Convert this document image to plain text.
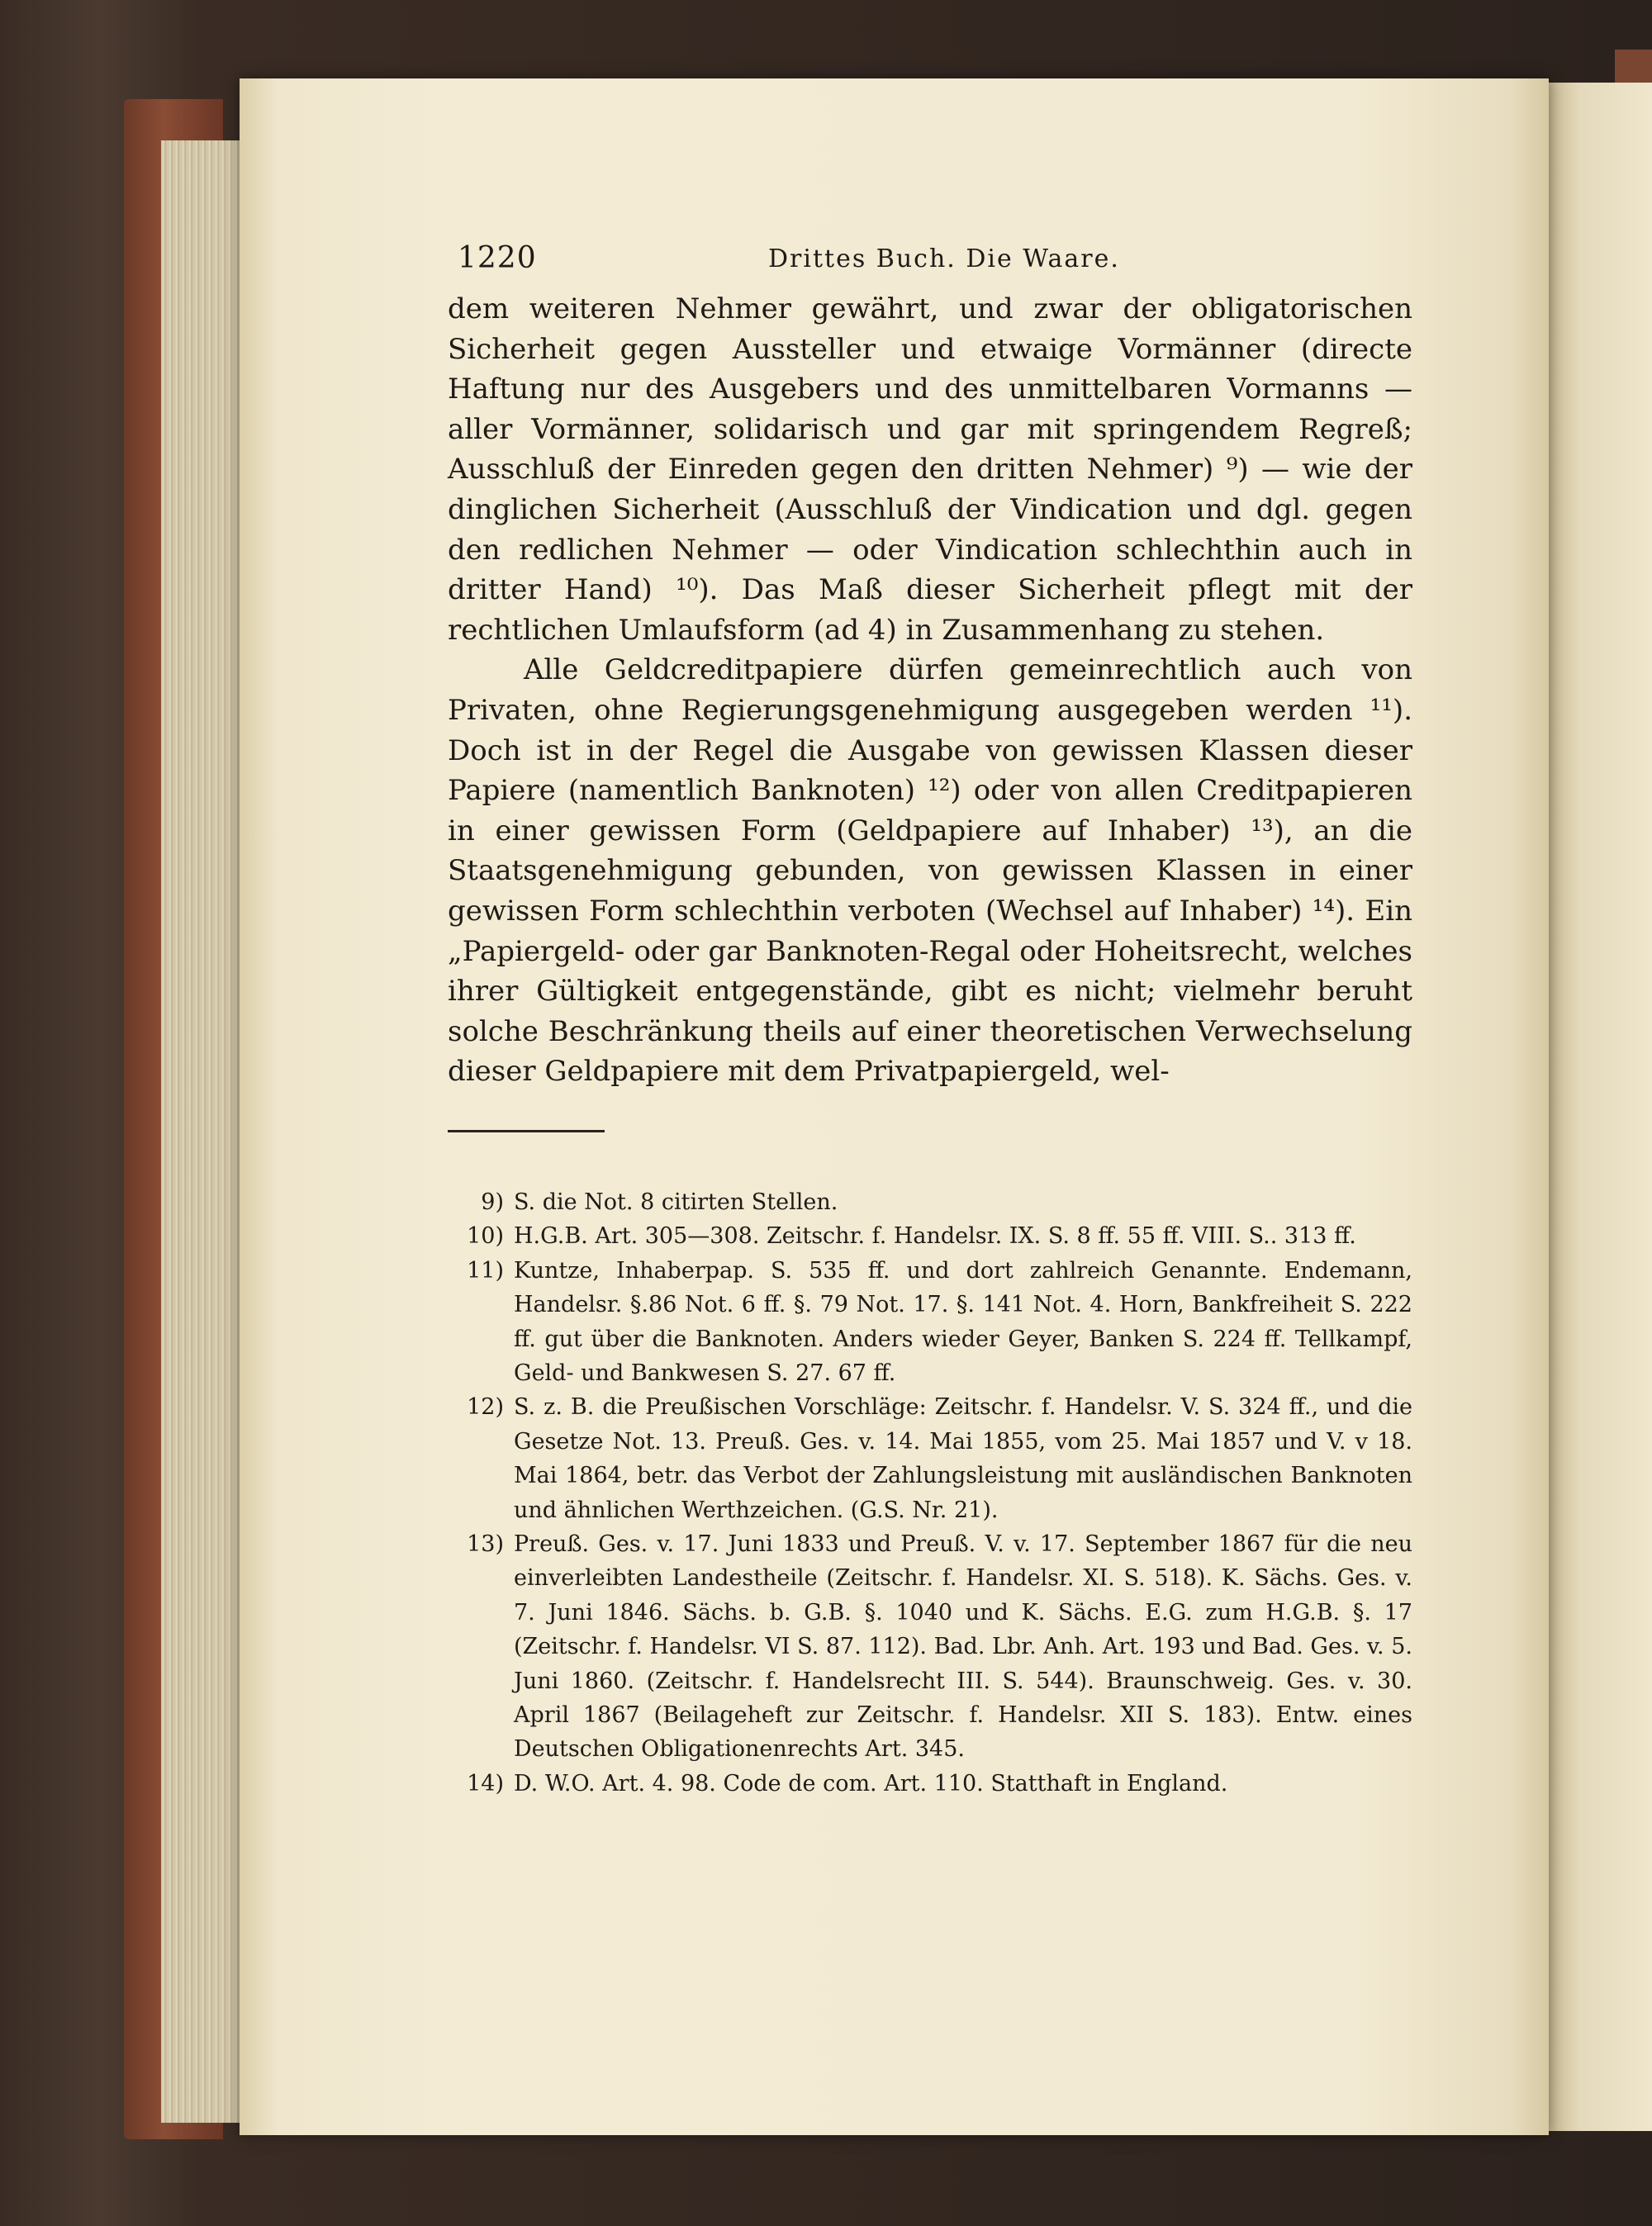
1220	Drittes Buch. Die Waare.

dem weiteren Nehmer gewährt, und zwar der obligatorischen Sicherheit gegen Aussteller und etwaige Vormänner (directe Haftung nur des Ausgebers und des unmittelbaren Vormanns — aller Vormänner, solidarisch und gar mit springendem Regreß; Ausschluß der Einreden gegen den dritten Nehmer) ⁹) — wie der dinglichen Sicherheit (Ausschluß der Vindication und dgl. gegen den redlichen Nehmer — oder Vindication schlechthin auch in dritter Hand) ¹⁰). Das Maß dieser Sicherheit pflegt mit der rechtlichen Umlaufsform (ad 4) in Zusammenhang zu stehen.

Alle Geldcreditpapiere dürfen gemeinrechtlich auch von Privaten, ohne Regierungsgenehmigung ausgegeben werden ¹¹). Doch ist in der Regel die Ausgabe von gewissen Klassen dieser Papiere (namentlich Banknoten) ¹²) oder von allen Creditpapieren in einer gewissen Form (Geldpapiere auf Inhaber) ¹³), an die Staatsgenehmigung gebunden, von gewissen Klassen in einer gewissen Form schlechthin verboten (Wechsel auf Inhaber) ¹⁴). Ein „Papiergeld- oder gar Banknoten-Regal oder Hoheitsrecht, welches ihrer Gültigkeit entgegenstände, gibt es nicht; vielmehr beruht solche Beschränkung theils auf einer theoretischen Verwechselung dieser Geldpapiere mit dem Privatpapiergeld, wel-

9) S. die Not. 8 citirten Stellen.
10) H.G.B. Art. 305—308. Zeitschr. f. Handelsr. IX. S. 8 ff. 55 ff. VIII. S.. 313 ff.
11) Kuntze, Inhaberpap. S. 535 ff. und dort zahlreich Genannte. Endemann, Handelsr. §.86 Not. 6 ff. §. 79 Not. 17. §. 141 Not. 4. Horn, Bankfreiheit S. 222 ff. gut über die Banknoten. Anders wieder Geyer, Banken S. 224 ff. Tellkampf, Geld- und Bankwesen S. 27. 67 ff.
12) S. z. B. die Preußischen Vorschläge: Zeitschr. f. Handelsr. V. S. 324 ff., und die Gesetze Not. 13. Preuß. Ges. v. 14. Mai 1855, vom 25. Mai 1857 und V. v 18. Mai 1864, betr. das Verbot der Zahlungsleistung mit ausländischen Banknoten und ähnlichen Werthzeichen. (G.S. Nr. 21).
13) Preuß. Ges. v. 17. Juni 1833 und Preuß. V. v. 17. September 1867 für die neu einverleibten Landestheile (Zeitschr. f. Handelsr. XI. S. 518). K. Sächs. Ges. v. 7. Juni 1846. Sächs. b. G.B. §. 1040 und K. Sächs. E.G. zum H.G.B. §. 17 (Zeitschr. f. Handelsr. VI S. 87. 112). Bad. Lbr. Anh. Art. 193 und Bad. Ges. v. 5. Juni 1860. (Zeitschr. f. Handelsrecht III. S. 544). Braunschweig. Ges. v. 30. April 1867 (Beilageheft zur Zeitschr. f. Handelsr. XII S. 183). Entw. eines Deutschen Obligationenrechts Art. 345.
14) D. W.O. Art. 4. 98. Code de com. Art. 110. Statthaft in England.
